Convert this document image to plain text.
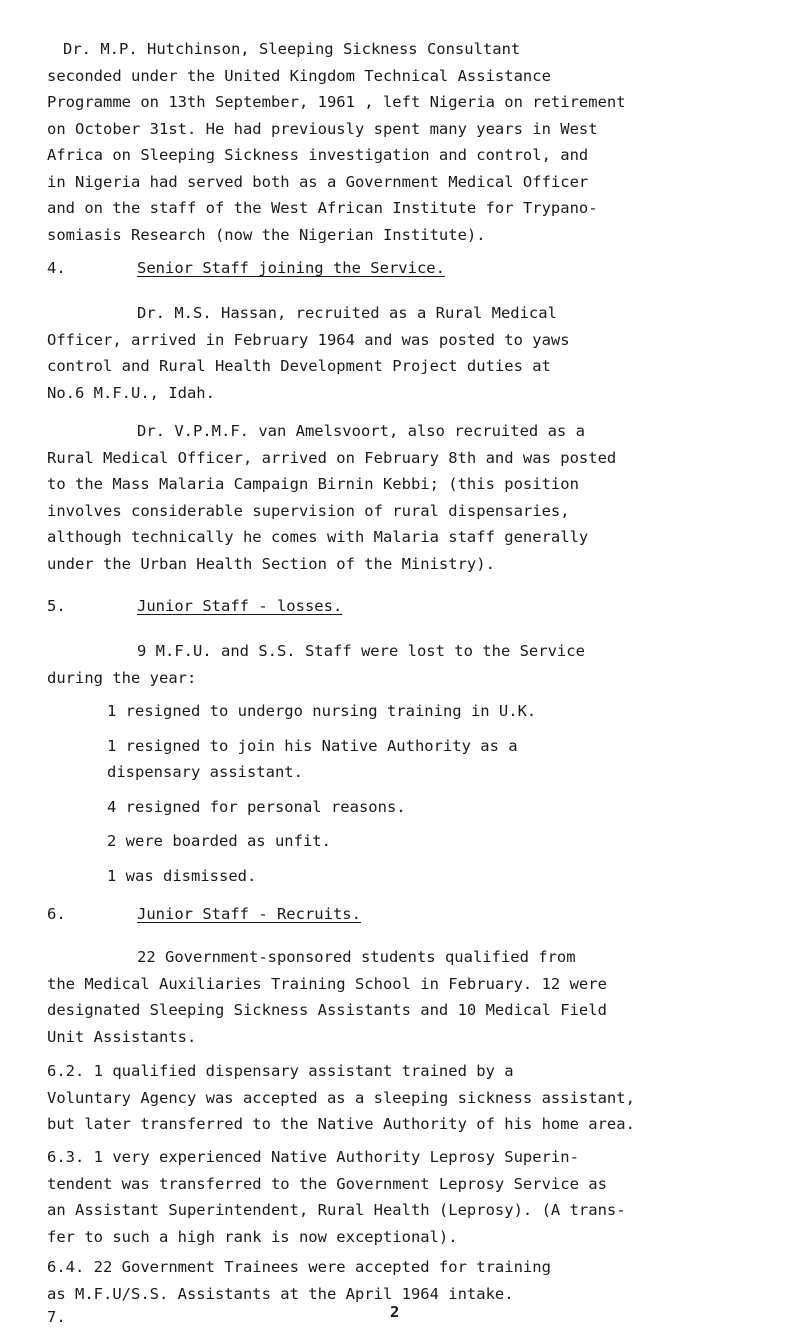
Dr. M.P. Hutchinson, Sleeping Sickness Consultant
seconded under the United Kingdom Technical Assistance
Programme on 13th September, 1961 , left Nigeria on retirement
on October 31st. He had previously spent many years in West
Africa on Sleeping Sickness investigation and control, and
in Nigeria had served both as a Government Medical Officer
and on the staff of the West African Institute for Trypano-
somiasis Research (now the Nigerian Institute).

4.	Senior Staff joining the Service.

Dr. M.S. Hassan, recruited as a Rural Medical
Officer, arrived in February 1964 and was posted to yaws
control and Rural Health Development Project duties at
No.6 M.F.U., Idah.

Dr. V.P.M.F. van Amelsvoort, also recruited as a
Rural Medical Officer, arrived on February 8th and was posted
to the Mass Malaria Campaign Birnin Kebbi; (this position
involves considerable supervision of rural dispensaries,
although technically he comes with Malaria staff generally
under the Urban Health Section of the Ministry).

5.	Junior Staff - losses.

9 M.F.U. and S.S. Staff were lost to the Service
during the year:

1 resigned to undergo nursing training in U.K.
1 resigned to join his Native Authority as a
dispensary assistant.
4 resigned for personal reasons.
2 were boarded as unfit.
1 was dismissed.
6.	Junior Staff - Recruits.

22 Government-sponsored students qualified from
the Medical Auxiliaries Training School in February. 12 were
designated Sleeping Sickness Assistants and 10 Medical Field
Unit Assistants.

6.2. 1 qualified dispensary assistant trained by a
Voluntary Agency was accepted as a sleeping sickness assistant,
but later transferred to the Native Authority of his home area.

6.3. 1 very experienced Native Authority Leprosy Superin-
tendent was transferred to the Government Leprosy Service as
an Assistant Superintendent, Rural Health (Leprosy). (A trans-
fer to such a high rank is now exceptional).

6.4. 22 Government Trainees were accepted for training
as M.F.U/S.S. Assistants at the April 1964 intake.

7.	2
